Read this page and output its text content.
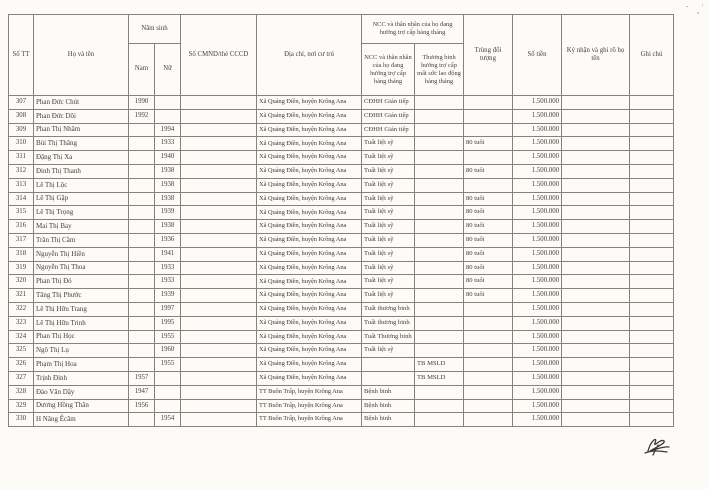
Số TT	Họ và tên	Năm sinh		Số CMND/thẻ CCCD	Địa chỉ, nơi cư trú	NCC và thân nhân của họ đang hưởng trợ cấp hàng tháng		Trùng đối tượng	Số tiền	Ký nhận và ghi rõ họ tên	Ghi chú
		Nam	Nữ			NCC và thân nhân của họ đang hưởng trợ cấp hàng tháng	Thương binh hưởng trợ cấp mất sức lao động hàng tháng				
307	Phan Đức Chút	1990			Xã Quảng Điền, huyện Krông Ana	CĐHH Gián tiếp			1.500.000		
308	Phan Đức Dôi	1992			Xã Quảng Điền, huyện Krông Ana	CĐHH Gián tiếp			1.500.000		
309	Phan Thị Nhâm		1994		Xã Quảng Điền, huyện Krông Ana	CĐHH Gián tiếp			1.500.000		
310	Bùi Thị Thăng		1933		Xã Quảng Điền, huyện Krông Ana	Tuất liệt sỹ		80 tuổi	1.500.000		
311	Đặng Thị Xa		1940		Xã Quảng Điền, huyện Krông Ana	Tuất liệt sỹ			1.500.000		
312	Đinh Thị Thanh		1938		Xã Quảng Điền, huyện Krông Ana	Tuất liệt sỹ		80 tuổi	1.500.000		
313	Lê Thị Lộc		1938		Xã Quảng Điền, huyện Krông Ana	Tuất liệt sỹ			1.500.000		
314	Lê Thị Gặp		1938		Xã Quảng Điền, huyện Krông Ana	Tuất liệt sỹ		80 tuổi	1.500.000		
315	Lê Thị Trọng		1939		Xã Quảng Điền, huyện Krông Ana	Tuất liệt sỹ		80 tuổi	1.500.000		
316	Mai Thị Bay		1938		Xã Quảng Điền, huyện Krông Ana	Tuất liệt sỹ		80 tuổi	1.500.000		
317	Trần Thị Cầm		1936		Xã Quảng Điền, huyện Krông Ana	Tuất liệt sỹ		80 tuổi	1.500.000		
318	Nguyễn Thị Hiền		1941		Xã Quảng Điền, huyện Krông Ana	Tuất liệt sỹ		80 tuổi	1.500.000		
319	Nguyễn Thị Thoa		1933		Xã Quảng Điền, huyện Krông Ana	Tuất liệt sỹ		80 tuổi	1.500.000		
320	Phan Thị Đỏ		1933		Xã Quảng Điền, huyện Krông Ana	Tuất liệt sỹ		80 tuổi	1.500.000		
321	Tăng Thị Phước		1939		Xã Quảng Điền, huyện Krông Ana	Tuất liệt sỹ		80 tuổi	1.500.000		
322	Lê Thị Hữu Trang		1997		Xã Quảng Điền, huyện Krông Ana	Tuất thương binh			1.500.000		
323	Lê Thị Hữu Trinh		1995		Xã Quảng Điền, huyện Krông Ana	Tuất thương binh			1.500.000		
324	Phan Thị Học		1955		Xã Quảng Điền, huyện Krông Ana	Tuất Thương binh			1.500.000		
325	Ngô Thị Lụ		1960		Xã Quảng Điền, huyện Krông Ana	Tuất liệt sỹ			1.500.000		
326	Phạm Thị Hoa		1955		Xã Quảng Điền, huyện Krông Ana		TB MSLD		1.500.000		
327	Trịnh Đình	1957			Xã Quảng Điền, huyện Krông Ana		TB MSLD		1.500.000		
328	Đào Văn Dậy	1947			TT Buôn Trấp, huyện Krông Ana	Bệnh binh			1.500.000		
329	Dương Hồng Thân	1956			TT Buôn Trấp, huyện Krông Ana	Bệnh binh			1.500.000		
330	H Năng Êcăm		1954		TT Buôn Trấp, huyện Krông Ana	Bệnh binh			1.500.000		
